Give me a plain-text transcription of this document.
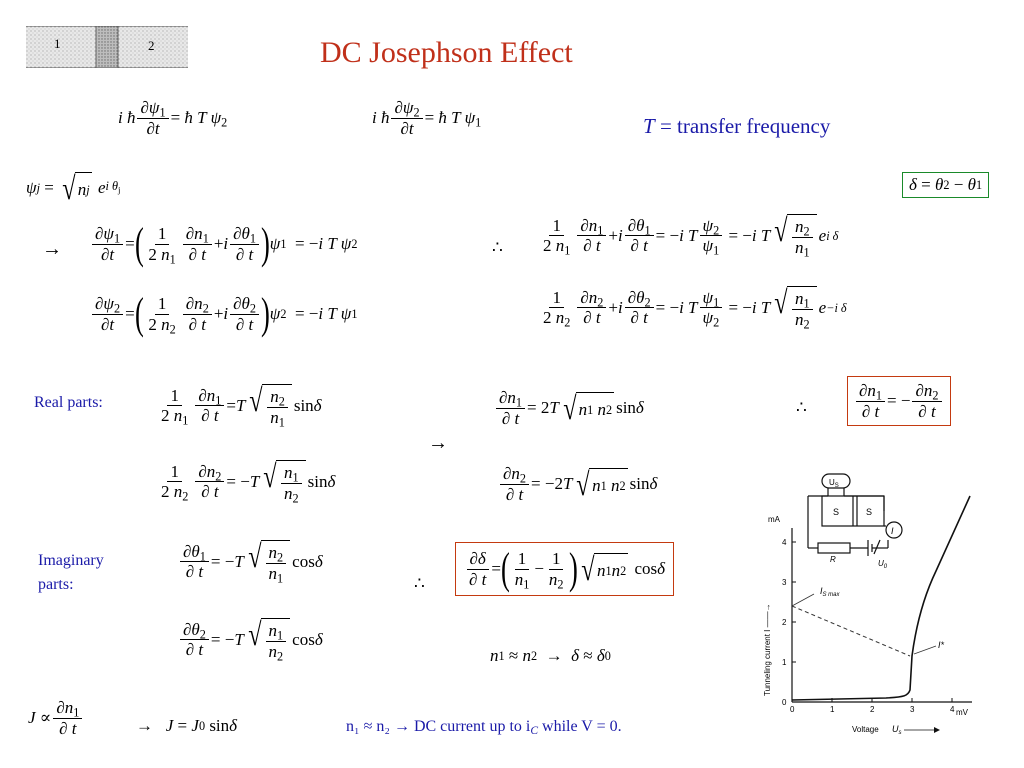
1	2	DC Josephson Effect
i ħ $\frac{\partial\psi_1}{\partial t}$ = ħ T $\psi_2$	i ħ $\frac{\partial\psi_2}{\partial t}$ = ħ T $\psi_1$	T = transfer frequency
ψ j = √ n j
e i $\theta_j$	δ = θ 2 − θ 1
→ $\frac{\partial\psi_1}{\partial t}$ = ( $\frac{1}{2 n_1} \frac{\partial n_1}{\partial t} + i \frac{\partial\theta_1}{\partial t}$ ) ψ 1 = − i T ψ 2	∴ $\frac{1}{2 n_1} \frac{\partial n_1}{\partial t} + i \frac{\partial\theta_1}{\partial t}$ = − i T $\frac{\psi_2}{\psi_1}$ = − i T √ $\frac{n_2}{n_1}$ e i δ
$\frac{\partial\psi_2}{\partial t}$ = ( $\frac{1}{2 n_2} \frac{\partial n_2}{\partial t} + i \frac{\partial\theta_2}{\partial t}$ ) ψ 2 = − i T ψ 1	$\frac{1}{2 n_2} \frac{\partial n_2}{\partial t} + i \frac{\partial\theta_2}{\partial t}$ = − i T $\frac{\psi_1}{\psi_2}$ = − i T √ $\frac{n_1}{n_2}$ e −i δ
Real parts:	$\frac{1}{2 n_1} \frac{\partial n_1}{\partial t} = T$ √ $\frac{n_2}{n_1}$ sin δ
$\frac{1}{2 n_2} \frac{\partial n_2}{\partial t}$ = − T √ $\frac{n_1}{n_2}$ sin δ
→
$\frac{\partial n_1}{\partial t} = 2$ T √ n 1
n 2 sin δ
$\frac{\partial n_2}{\partial t} = -2$ T √ n 1
n 2 sin δ
∴	$\frac{\partial n_1}{\partial t}$ = − $\frac{\partial n_2}{\partial t}$
Imaginary
parts:
$\frac{\partial\theta_1}{\partial t}$ = − T √ $\frac{n_2}{n_1}$ cos δ
$\frac{\partial\theta_2}{\partial t}$ = − T √ $\frac{n_1}{n_2}$ cos δ
∴ $\frac{\partial\delta}{\partial t}$ = ( $\frac{1}{n_1} - \frac{1}{n_2}$ ) √ n 1 n 2 cos δ
n 1 ≈ n 2 → δ ≈ δ 0
$J \propto \frac{\partial n_1}{\partial t}$	→ J = J 0 sin δ	n₁ ≈ n₂ → DC current up to $i_C$ while V = 0.
$U_S$
S	S
I
R	$U_0$
0
1
2
3
4
0	1	2	3	4
mA
mV
Tunneling current I ——→
Voltage $U_s$
$I_{S max}$
I*
